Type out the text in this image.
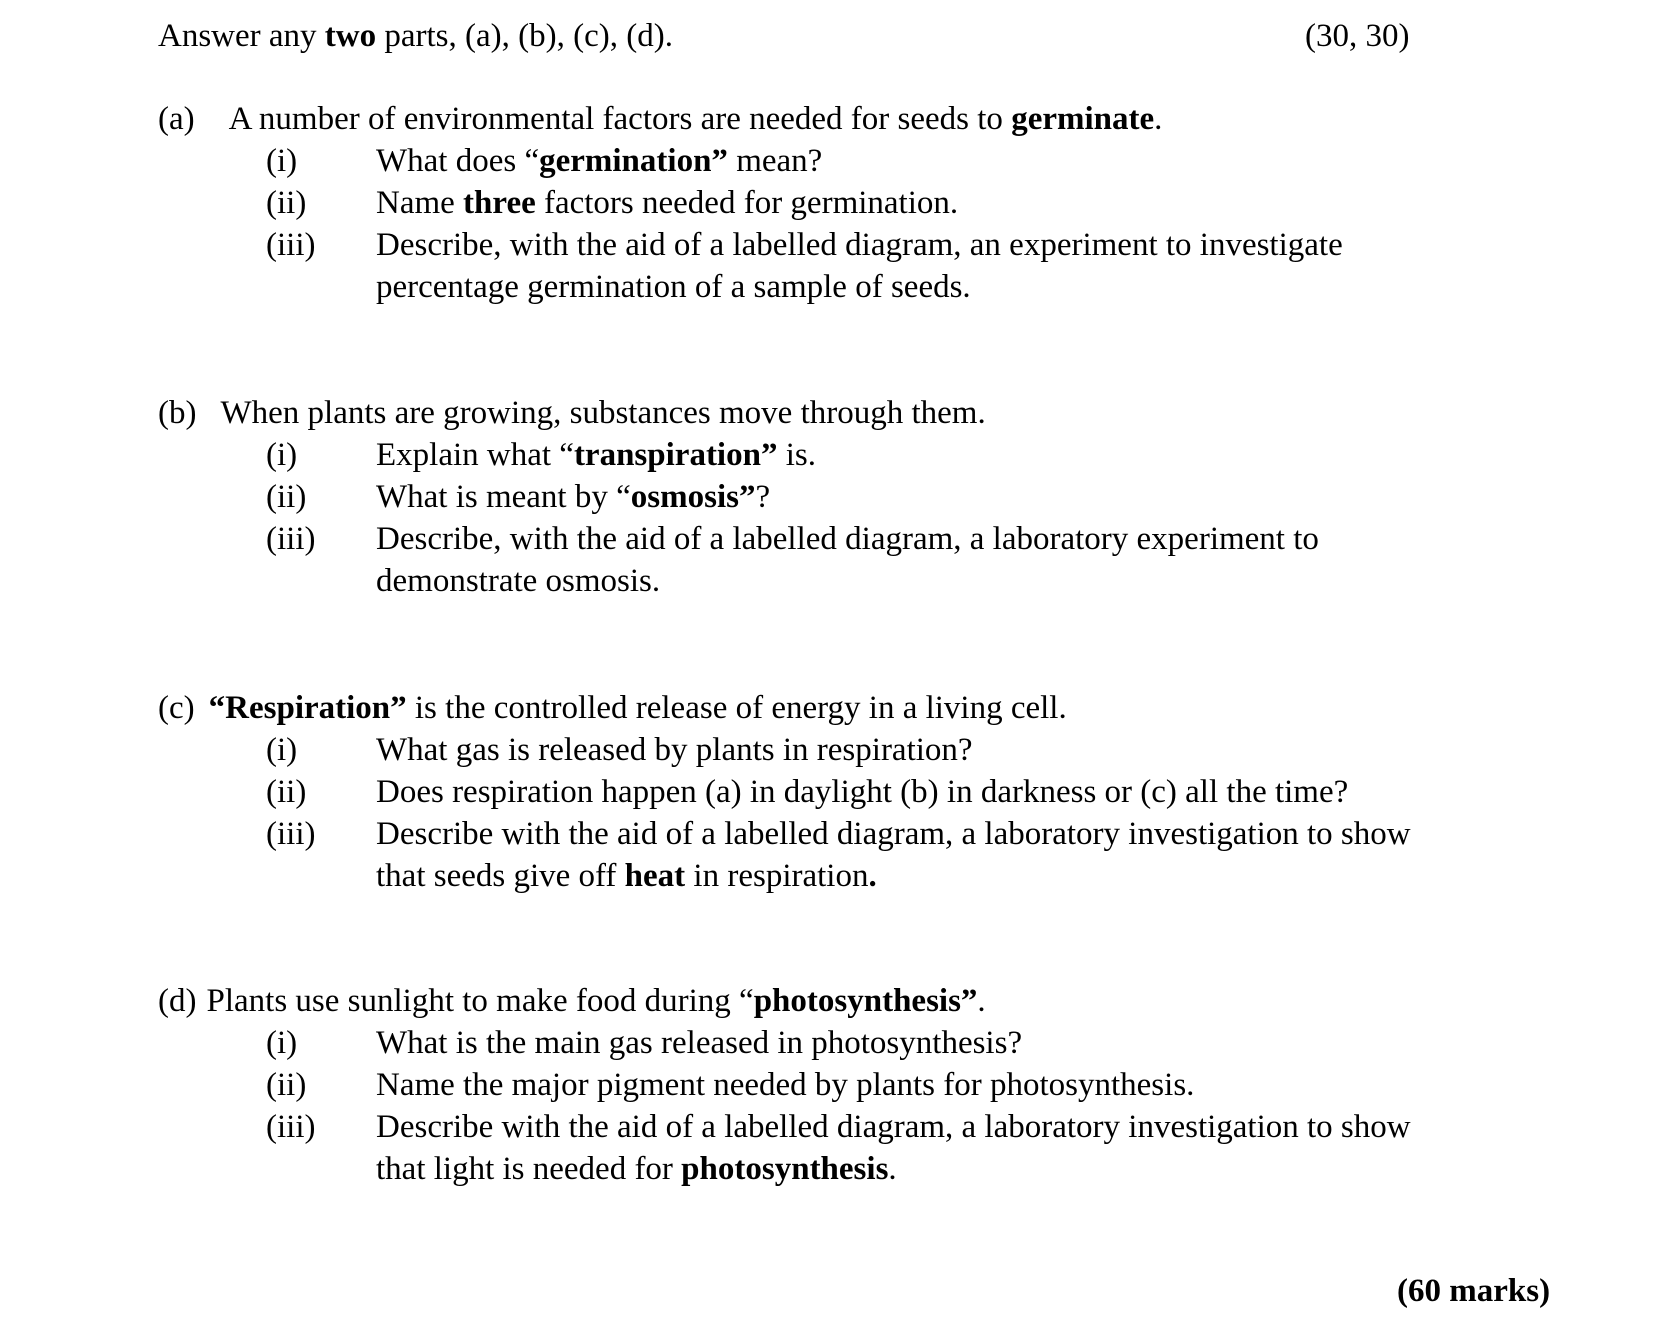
Answer any two parts, (a), (b), (c), (d).	(30, 30)
(a) A number of environmental factors are needed for seeds to germinate.
(i) What does “germination” mean?
(ii) Name three factors needed for germination.
(iii) Describe, with the aid of a labelled diagram, an experiment to investigate
percentage germination of a sample of seeds.
(b) When plants are growing, substances move through them.
(i) Explain what “transpiration” is.
(ii) What is meant by “osmosis”?
(iii) Describe, with the aid of a labelled diagram, a laboratory experiment to
demonstrate osmosis.
(c) “Respiration” is the controlled release of energy in a living cell.
(i) What gas is released by plants in respiration?
(ii) Does respiration happen (a) in daylight (b) in darkness or (c) all the time?
(iii) Describe with the aid of a labelled diagram, a laboratory investigation to show
that seeds give off heat in respiration.
(d) Plants use sunlight to make food during “photosynthesis”.
(i) What is the main gas released in photosynthesis?
(ii) Name the major pigment needed by plants for photosynthesis.
(iii) Describe with the aid of a labelled diagram, a laboratory investigation to show
that light is needed for photosynthesis.
(60 marks)
